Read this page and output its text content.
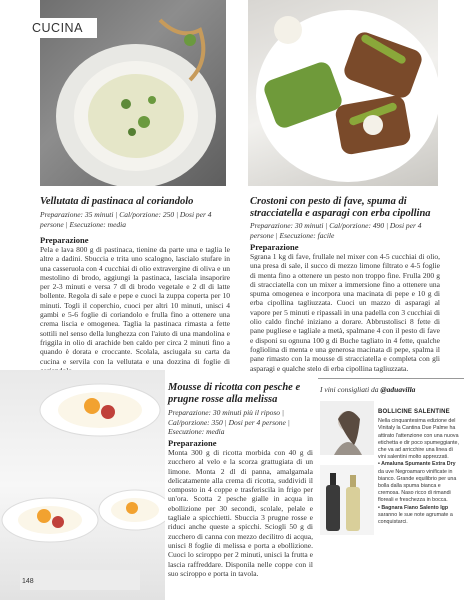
CUCINA
Vellutata di pastinaca al coriandolo
Preparazione: 35 minuti | Cal/porzione: 250 | Dosi per 4 persone | Esecuzione: media
Preparazione
Pela e lava 800 g di pastinaca, tienine da parte una e taglia le altre a dadini. Sbuccia e trita uno scalogno, lascialo stufare in una casseruola con 4 cucchiai di olio extravergine di oliva e un mestolino di brodo, aggiungi la pastinaca, lasciala insaporire per 2-3 minuti e versa 7 dl di brodo vegetale e 2 dl di latte bollente. Regola di sale e pepe e cuoci la zuppa coperta per 10 minuti. Togli il coperchio, cuoci per altri 10 minuti, unisci 4 gambi e 5-6 foglie di coriandolo e frulla fino a ottenere una crema liscia e omogenea. Taglia la pastinaca rimasta a fette sottili nel senso della lunghezza con l'aiuto di una mandolina e friggila in olio di arachide ben caldo per circa 2 minuti fino a quando è dorata e croccante. Scolala, asciugala su carta da cucina e servila con la vellutata e una dozzina di foglie di
Crostoni con pesto di fave, spuma di stracciatella e asparagi con erba cipollina
Preparazione: 30 minuti | Cal/porzione: 490 | Dosi per 4 persone | Esecuzione: facile
Preparazione
Sgrana 1 kg di fave, frullale nel mixer con 4-5 cucchiai di olio, una presa di sale, il succo di mezzo limone filtrato e 4-5 foglie di menta fino a ottenere un pesto non troppo fine. Frulla 200 g di stracciatella con un mixer a immersione fino a ottenere una spuma omogenea e incorpora una macinata di pepe e 10 g di erba cipollina tagliuzzata. Cuoci un mazzo di asparagi al vapore per 5 minuti e ripassali in una padella con 3 cucchiai di olio caldo finché iniziano a dorare. Abbrustolisci 8 fette di pane pugliese e tagliale a metà, spalmane 4 con il pesto di fave e disponi su ognuna 100 g di Buche tagliato in 4 fette, qualche fogliolina di menta e una generosa macinata di pepe, spalma il pane rimasto con la mousse di stracciatella e completa con gli asparagi e qualche stelo di erba cipollina tagliuzzata.
Mousse di ricotta con pesche e prugne rosse alla melissa
Preparazione: 30 minuti più il riposo | Cal/porzione: 350 | Dosi per 4 persone | Esecuzione: media
Preparazione
Monta 300 g di ricotta morbida con 40 g di zucchero al velo e la scorza grattugiata di un limone. Monta 2 dl di panna, amalgamala delicatamente alla crema di ricotta, suddividi il composto in 4 coppe e trasferiscila in frigo per un'ora. Scotta 2 pesche gialle in acqua in ebollizione per 30 secondi, scolale, pelale e tagliale a spicchietti. Sbuccia 3 prugne rosse e riduci anche queste a spicchi. Sciogli 50 g di zucchero di canna con mezzo decilitro di acqua, unisci 8 foglie di melissa e porta a ebollizione. Cuoci lo sciroppo per 2 minuti, unisci la frutta e lascia raffreddare. Disponila nelle coppe con il suo sciroppo e porta in tavola.
I vini consigliati da @aduavilla
BOLLICINE SALENTINE
Nella cinquantesima edizione del Vinitaly la Cantina Due Palme ha attirato l'attenzione con una nuova etichetta e dir poco spumeggiante, che va ad arricchire una linea di vini salentini molto apprezzati.
• Amaluna Spumante Extra Dry da uve Negroamaro vinificate in bianco. Grande equilibrio per una bolla dalla spuma bianca e cremosa. Naso ricco di rimandi floreali e freschezza in bocca.
• Bagnara Fiano Salento Igp saranno le sue note agrumate a conquistarci.
148
